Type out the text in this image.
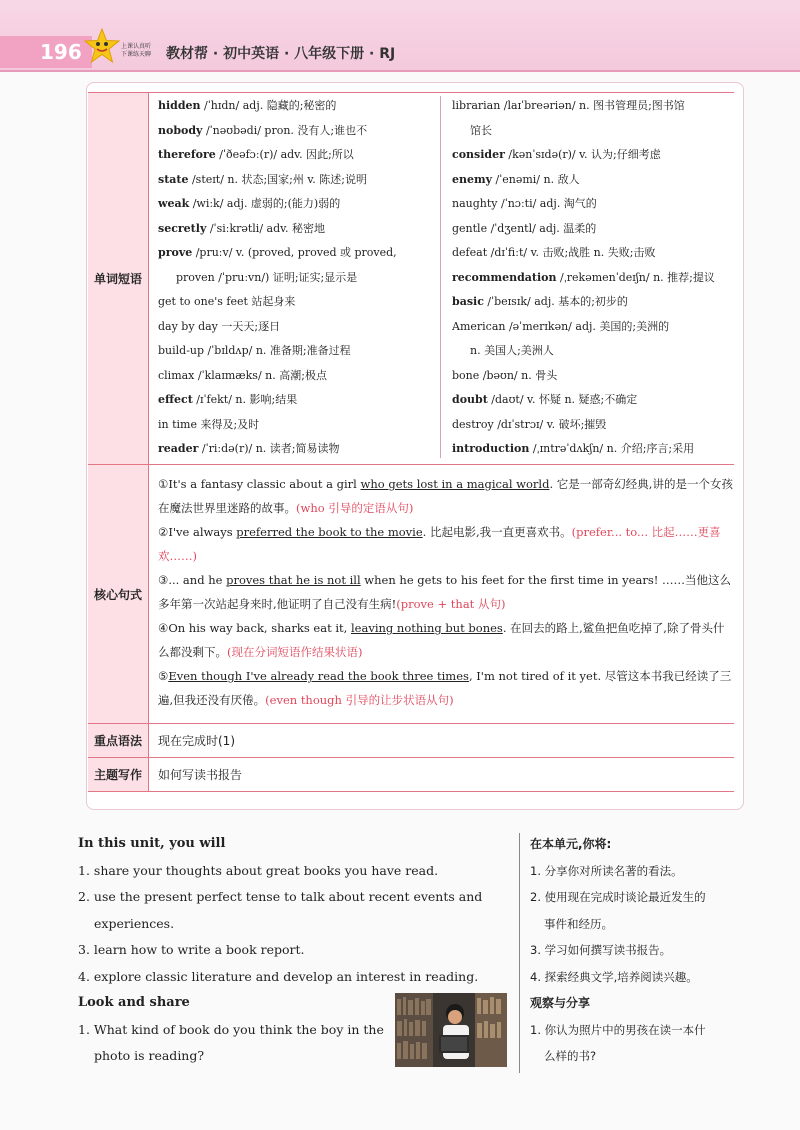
196	上课认真听
下课练天聊 教材帮 · 初中英语 · 八年级下册 · RJ
单词短语
核心句式
重点语法
主题写作
hidden /ˈhɪdn/ adj. 隐藏的;秘密的
nobody /ˈnəʊbədi/ pron. 没有人;谁也不
therefore /ˈðeəfɔː(r)/ adv. 因此;所以
state /steɪt/ n. 状态;国家;州 v. 陈述;说明
weak /wiːk/ adj. 虚弱的;(能力)弱的
secretly /ˈsiːkrətli/ adv. 秘密地
prove /pruːv/ v. (proved, proved 或 proved,
proven /ˈpruːvn/) 证明;证实;显示是
get to one's feet 站起身来
day by day 一天天;逐日
build-up /ˈbɪldʌp/ n. 准备期;准备过程
climax /ˈklaɪmæks/ n. 高潮;极点
effect /ɪˈfekt/ n. 影响;结果
in time 来得及;及时
reader /ˈriːdə(r)/ n. 读者;简易读物
librarian /laɪˈbreəriən/ n. 图书管理员;图书馆
馆长
consider /kənˈsɪdə(r)/ v. 认为;仔细考虑
enemy /ˈenəmi/ n. 敌人
naughty /ˈnɔːti/ adj. 淘气的
gentle /ˈdʒentl/ adj. 温柔的
defeat /dɪˈfiːt/ v. 击败;战胜 n. 失败;击败
recommendation /ˌrekəmenˈdeɪʃn/ n. 推荐;提议
basic /ˈbeɪsɪk/ adj. 基本的;初步的
American /əˈmerɪkən/ adj. 美国的;美洲的
n. 美国人;美洲人
bone /bəʊn/ n. 骨头
doubt /daʊt/ v. 怀疑 n. 疑惑;不确定
destroy /dɪˈstrɔɪ/ v. 破坏;摧毁
introduction /ˌɪntrəˈdʌkʃn/ n. 介绍;序言;采用

①It's a fantasy classic about a girl who gets lost in a magical world. 它是一部奇幻经典,讲的是一个女孩在魔法世界里迷路的故事。(who 引导的定语从句)

②I've always preferred the book to the movie. 比起电影,我一直更喜欢书。(prefer... to... 比起……更喜欢……)

③... and he proves that he is not ill when he gets to his feet for the first time in years! ……当他这么多年第一次站起身来时,他证明了自己没有生病!(prove + that 从句)

④On his way back, sharks eat it, leaving nothing but bones. 在回去的路上,鲨鱼把鱼吃掉了,除了骨头什么都没剩下。(现在分词短语作结果状语)

⑤Even though I've already read the book three times, I'm not tired of it yet. 尽管这本书我已经读了三遍,但我还没有厌倦。(even though 引导的让步状语从句)

现在完成时(1)
如何写读书报告
In this unit, you will
1. share your thoughts about great books you have read.
2. use the present perfect tense to talk about recent events and
experiences.
3. learn how to write a book report.
4. explore classic literature and develop an interest in reading.
Look and share
1. What kind of book do you think the boy in the
photo is reading?
在本单元,你将:
1. 分享你对所读名著的看法。
2. 使用现在完成时谈论最近发生的
事件和经历。
3. 学习如何撰写读书报告。
4. 探索经典文学,培养阅读兴趣。
观察与分享
1. 你认为照片中的男孩在读一本什
么样的书?
